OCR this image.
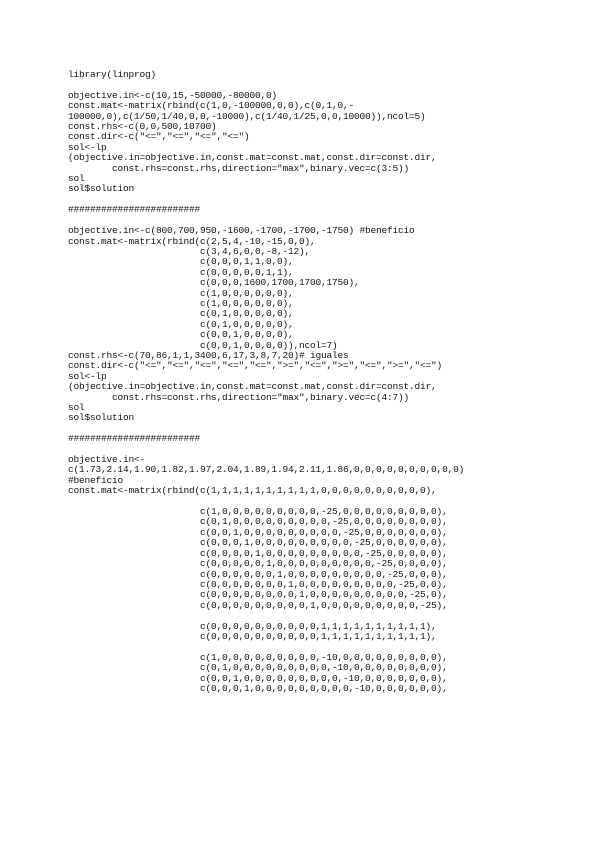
library(linprog)

objective.in<-c(10,15,-50000,-80000,0)
const.mat<-matrix(rbind(c(1,0,-100000,0,0),c(0,1,0,-
100000,0),c(1/50,1/40,0,0,-10000),c(1/40,1/25,0,0,10000)),ncol=5)
const.rhs<-c(0,0,500,10700)
const.dir<-c("<=","<=","<=","<=")
sol<-lp
(objective.in=objective.in,const.mat=const.mat,const.dir=const.dir,
const.rhs=const.rhs,direction="max",binary.vec=c(3:5))
sol
sol$solution

########################

objective.in<-c(800,700,950,-1600,-1700,-1700,-1750) #beneficio
const.mat<-matrix(rbind(c(2,5,4,-10,-15,0,0),
c(3,4,6,0,0,-8,-12),
c(0,0,0,1,1,0,0),
c(0,0,0,0,0,1,1),
c(0,0,0,1600,1700,1700,1750),
c(1,0,0,0,0,0,0),
c(1,0,0,0,0,0,0),
c(0,1,0,0,0,0,0),
c(0,1,0,0,0,0,0),
c(0,0,1,0,0,0,0),
c(0,0,1,0,0,0,0)),ncol=7)
const.rhs<-c(70,86,1,1,3400,6,17,3,8,7,20)# iguales
const.dir<-c("<=","<=","<=","<=","<=",">=","<=",">=","<=",">=","<=")
sol<-lp
(objective.in=objective.in,const.mat=const.mat,const.dir=const.dir,
const.rhs=const.rhs,direction="max",binary.vec=c(4:7))
sol
sol$solution

########################

objective.in<-
c(1.73,2.14,1.90,1.82,1.97,2.04,1.89,1.94,2.11,1.86,0,0,0,0,0,0,0,0,0,0)
#beneficio
const.mat<-matrix(rbind(c(1,1,1,1,1,1,1,1,1,1,0,0,0,0,0,0,0,0,0,0),

c(1,0,0,0,0,0,0,0,0,0,-25,0,0,0,0,0,0,0,0,0),
c(0,1,0,0,0,0,0,0,0,0,0,-25,0,0,0,0,0,0,0,0),
c(0,0,1,0,0,0,0,0,0,0,0,0,-25,0,0,0,0,0,0,0),
c(0,0,0,1,0,0,0,0,0,0,0,0,0,-25,0,0,0,0,0,0),
c(0,0,0,0,1,0,0,0,0,0,0,0,0,0,-25,0,0,0,0,0),
c(0,0,0,0,0,1,0,0,0,0,0,0,0,0,0,-25,0,0,0,0),
c(0,0,0,0,0,0,1,0,0,0,0,0,0,0,0,0,-25,0,0,0),
c(0,0,0,0,0,0,0,1,0,0,0,0,0,0,0,0,0,-25,0,0),
c(0,0,0,0,0,0,0,0,1,0,0,0,0,0,0,0,0,0,-25,0),
c(0,0,0,0,0,0,0,0,0,1,0,0,0,0,0,0,0,0,0,-25),

c(0,0,0,0,0,0,0,0,0,0,1,1,1,1,1,1,1,1,1,1),
c(0,0,0,0,0,0,0,0,0,0,1,1,1,1,1,1,1,1,1,1),

c(1,0,0,0,0,0,0,0,0,0,-10,0,0,0,0,0,0,0,0,0),
c(0,1,0,0,0,0,0,0,0,0,0,-10,0,0,0,0,0,0,0,0),
c(0,0,1,0,0,0,0,0,0,0,0,0,-10,0,0,0,0,0,0,0),
c(0,0,0,1,0,0,0,0,0,0,0,0,0,-10,0,0,0,0,0,0),
